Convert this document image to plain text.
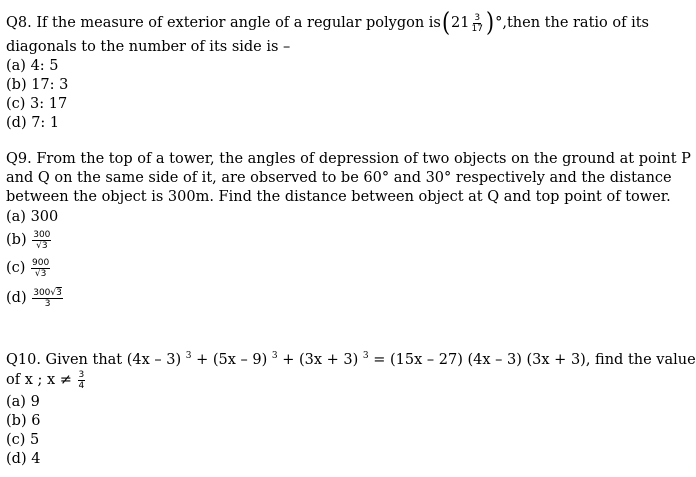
Q8. If the measure of exterior angle of a regular polygon is ( $21 \frac{3}{17}$ ) °, then the ratio of its
diagonals to the number of its side is –
(a) 4: 5
(b) 17: 3
(c) 3: 17
(d) 7: 1
Q9. From the top of a tower, the angles of depression of two objects on the ground at point P
and Q on the same side of it, are observed to be 60° and 30° respectively and the distance
between the object is 300m. Find the distance between object at Q and top point of tower.
(a) 300
$(b) \frac{300}{√3}$
$(c) \frac{900}{√3}$
$(d) \frac{300√3}{3}$
Q10. Given that (4x – 3) $^3$ + (5x – 9) $^3$ + (3x + 3) $^3$ = (15x – 27) (4x – 3) (3x + 3), find the value
of x ; $x \ne \frac{3}{4}$
(a) 9
(b) 6
(c) 5
(d) 4
